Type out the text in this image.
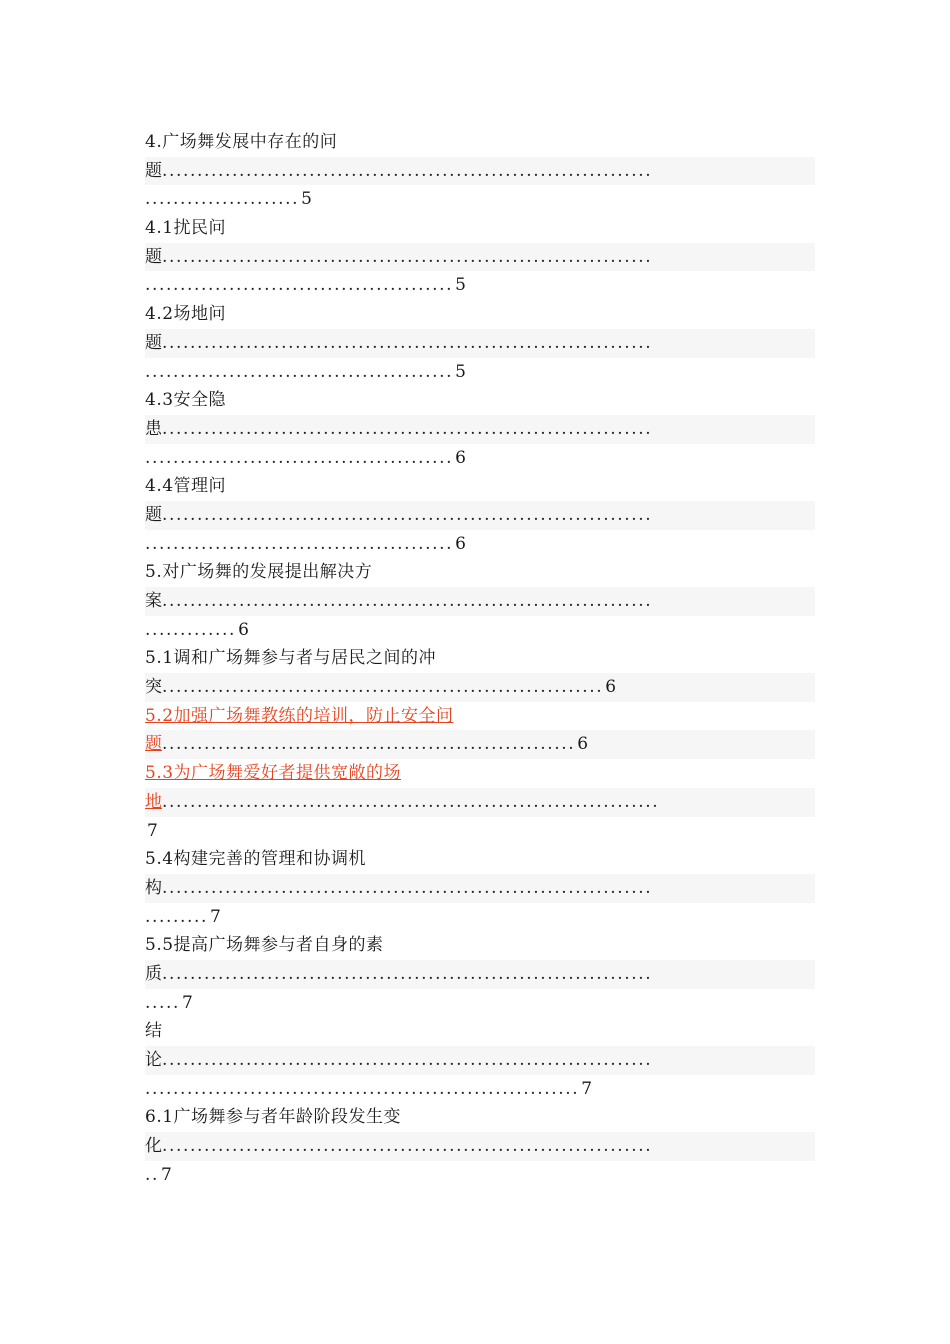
4.广场舞发展中存在的问
题......................................................................
...................... 5
4.1扰民问
题......................................................................
............................................ 5
4.2场地问
题......................................................................
............................................ 5
4.3安全隐
患......................................................................
............................................ 6
4.4管理问
题......................................................................
............................................ 6
5.对广场舞的发展提出解决方
案......................................................................
............. 6
5.1调和广场舞参与者与居民之间的冲
突............................................................... 6
5.2加强广场舞教练的培训，防止安全问
题........................................................... 6
5.3为广场舞爱好者提供宽敞的场
地.......................................................................
7
5.4构建完善的管理和协调机
构......................................................................
......... 7
5.5提高广场舞参与者自身的素
质......................................................................
..... 7
结
论......................................................................
.............................................................. 7
6.1广场舞参与者年龄阶段发生变
化......................................................................
.. 7
